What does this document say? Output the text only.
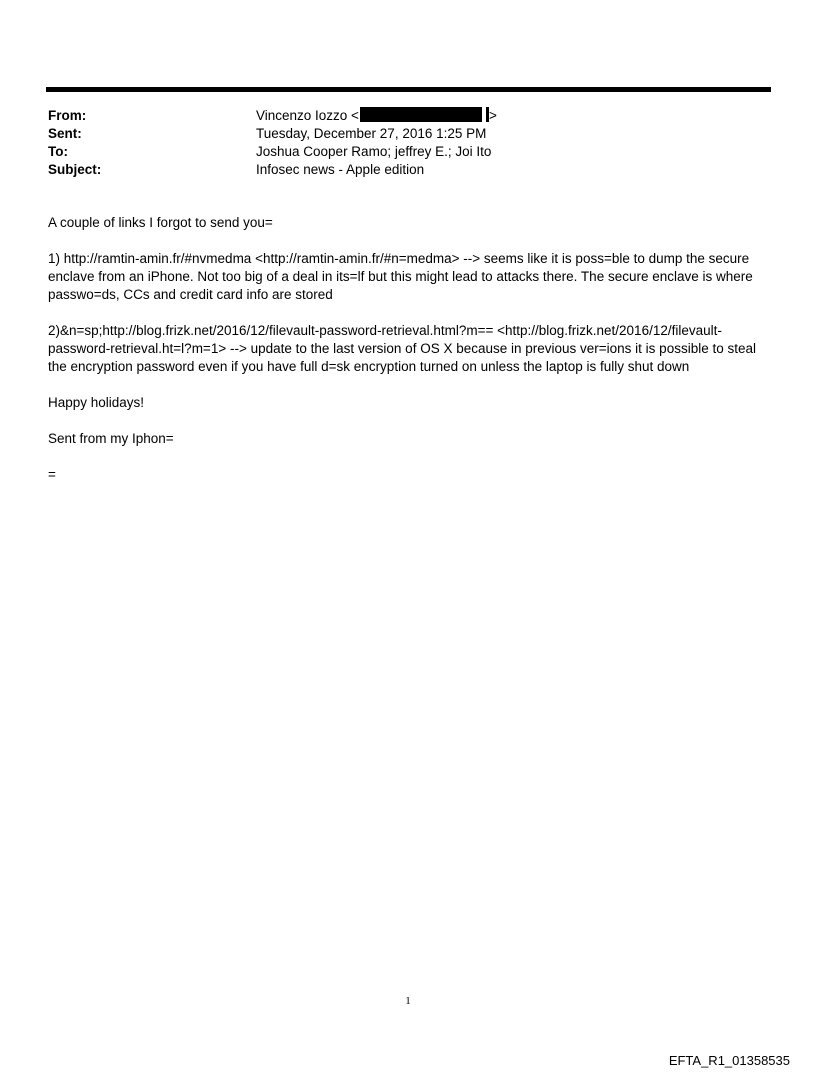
From:	Vincenzo Iozzo <	>
Sent:	Tuesday, December 27, 2016 1:25 PM
To:	Joshua Cooper Ramo; jeffrey E.; Joi Ito
Subject:	Infosec news - Apple edition

A couple of links I forgot to send you=

1) http://ramtin-amin.fr/#nvmedma <http://ramtin-amin.fr/#n=medma> --> seems like it is poss=ble to dump the secure enclave from an iPhone. Not too big of a deal in its=lf but this might lead to attacks there. The secure enclave is where passwo=ds, CCs and credit card info are stored

2)&n=sp;http://blog.frizk.net/2016/12/filevault-password-retrieval.html?m== <http://blog.frizk.net/2016/12/filevault-password-retrieval.ht=l?m=1> --> update to the last version of OS X because in previous ver=ions it is possible to steal the encryption password even if you have full d=sk encryption turned on unless the laptop is fully shut down

Happy holidays!

Sent from my Iphon=

=

1
EFTA_R1_01358535
